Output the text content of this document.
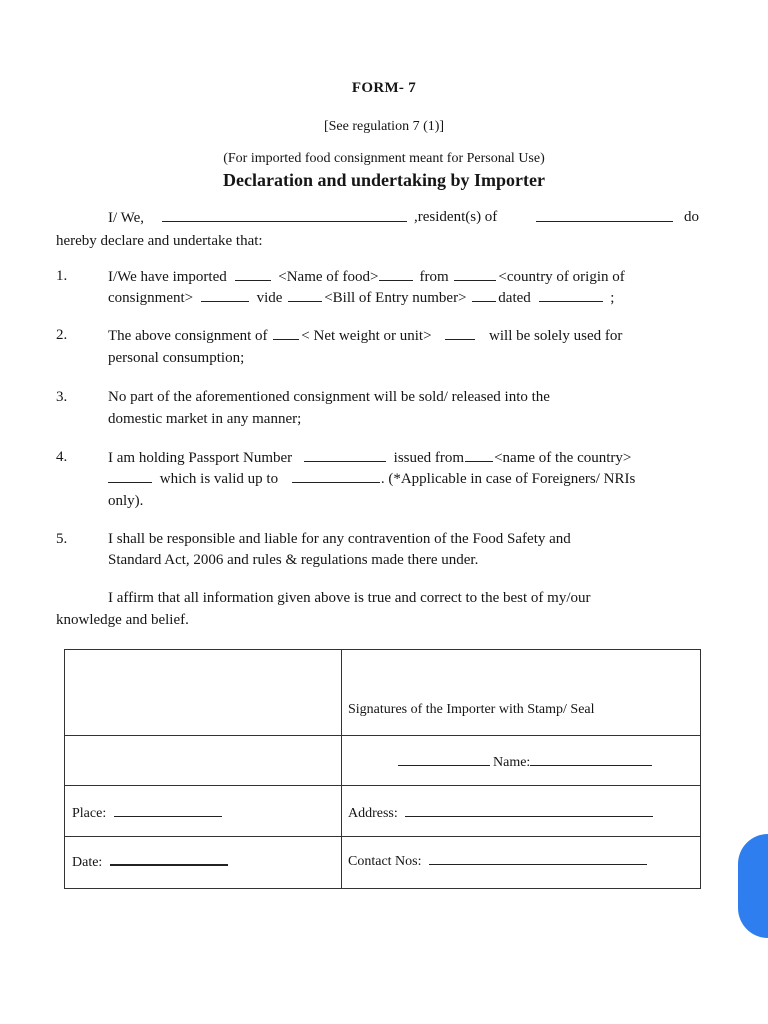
FORM- 7
[See regulation 7 (1)]
(For imported food consignment meant for Personal Use)
Declaration and undertaking by Importer
I/ We,	,resident(s) of	do
hereby declare and undertake that:
1.	I/We have imported	<Name of food>	from	<country of origin of
consignment>	vide	<Bill of Entry number> dated	;
2.	The above consignment of < Net weight or unit>	will be solely used for
personal consumption;
3.	No part of the aforementioned consignment will be sold/ released into the
domestic market in any manner;
4.	I am holding Passport Number	issued from <name of the country>
which is valid up to	. (*Applicable in case of Foreigners/ NRIs
only).
5.	I shall be responsible and liable for any contravention of the Food Safety and
Standard Act, 2006 and rules & regulations made there under.
I affirm that all information given above is true and correct to the best of my/our
knowledge and belief.
Signatures of the Importer with Stamp/ Seal
Name:
Place:	Address:
Date:	Contact Nos:
